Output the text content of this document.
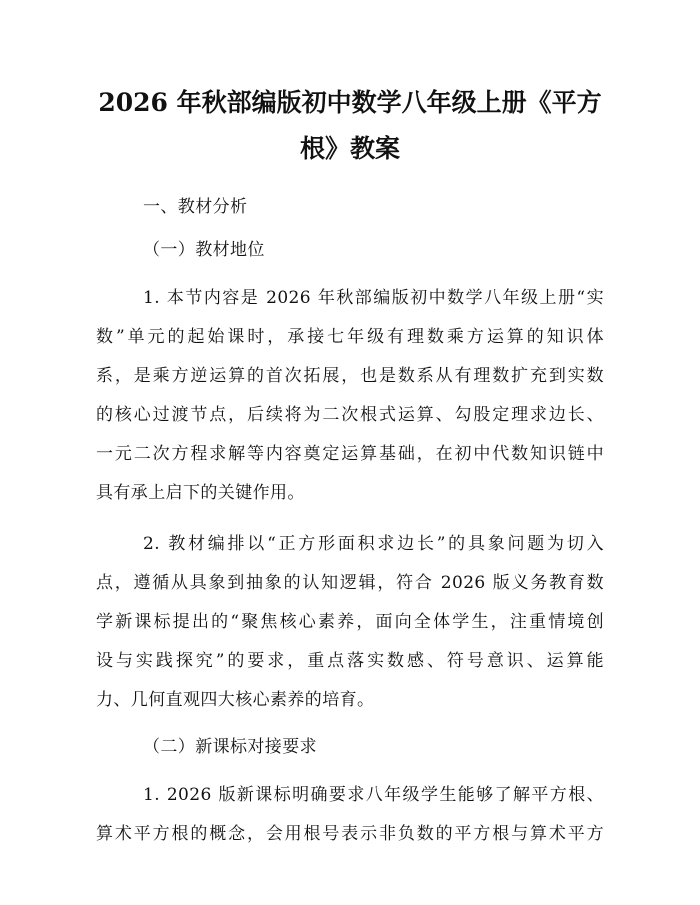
2026 年秋部编版初中数学八年级上册《平方
根》教案
一、教材分析
（一）教材地位
1. 本节内容是 2026 年秋部编版初中数学八年级上册“实
数”单元的起始课时，承接七年级有理数乘方运算的知识体
系，是乘方逆运算的首次拓展，也是数系从有理数扩充到实数
的核心过渡节点，后续将为二次根式运算、勾股定理求边长、
一元二次方程求解等内容奠定运算基础，在初中代数知识链中
具有承上启下的关键作用。
2. 教材编排以“正方形面积求边长”的具象问题为切入
点，遵循从具象到抽象的认知逻辑，符合 2026 版义务教育数
学新课标提出的“聚焦核心素养，面向全体学生，注重情境创
设与实践探究”的要求，重点落实数感、符号意识、运算能
力、几何直观四大核心素养的培育。
（二）新课标对接要求
1. 2026 版新课标明确要求八年级学生能够了解平方根、
算术平方根的概念，会用根号表示非负数的平方根与算术平方
